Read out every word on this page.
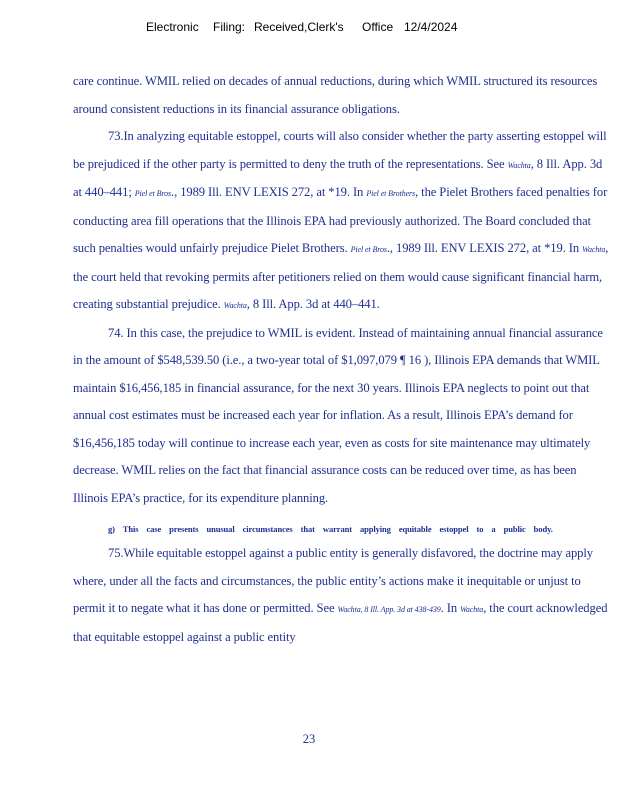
Electronic Filing: Received,Clerk's Office 12/4/2024

care continue. WMIL relied on decades of annual reductions, during which WMIL structured its resources around consistent reductions in its financial assurance obligations.

73.In analyzing equitable estoppel, courts will also consider whether the party asserting estoppel will be prejudiced if the other party is permitted to deny the truth of the representations. See Wachta, 8 Ill. App. 3d at 440–441; Piel et Bros., 1989 Ill. ENV LEXIS 272, at *19. In Piel et Brothers, the Pielet Brothers faced penalties for conducting area fill operations that the Illinois EPA had previously authorized. The Board concluded that such penalties would unfairly prejudice Pielet Brothers. Piel et Bros., 1989 Ill. ENV LEXIS 272, at *19. In Wachta, the court held that revoking permits after petitioners relied on them would cause significant financial harm, creating substantial prejudice. Wachta, 8 Ill. App. 3d at 440–441.

74. In this case, the prejudice to WMIL is evident. Instead of maintaining annual financial assurance in the amount of $548,539.50 (i.e., a two-year total of $1,097,079 ¶ 16 ), Illinois EPA demands that WMIL maintain $16,456,185 in financial assurance, for the next 30 years. Illinois EPA neglects to point out that annual cost estimates must be increased each year for inflation. As a result, Illinois EPA’s demand for $16,456,185 today will continue to increase each year, even as costs for site maintenance may ultimately decrease. WMIL relies on the fact that financial assurance costs can be reduced over time, as has been Illinois EPA’s practice, for its expenditure planning.

g) This case presents unusual circumstances that warrant applying equitable estoppel to a public body.

75.While equitable estoppel against a public entity is generally disfavored, the doctrine may apply where, under all the facts and circumstances, the public entity’s actions make it inequitable or unjust to permit it to negate what it has done or permitted. See Wachta, 8 Ill. App. 3d at 438-439. In Wachta, the court acknowledged that equitable estoppel against a public entity

23
